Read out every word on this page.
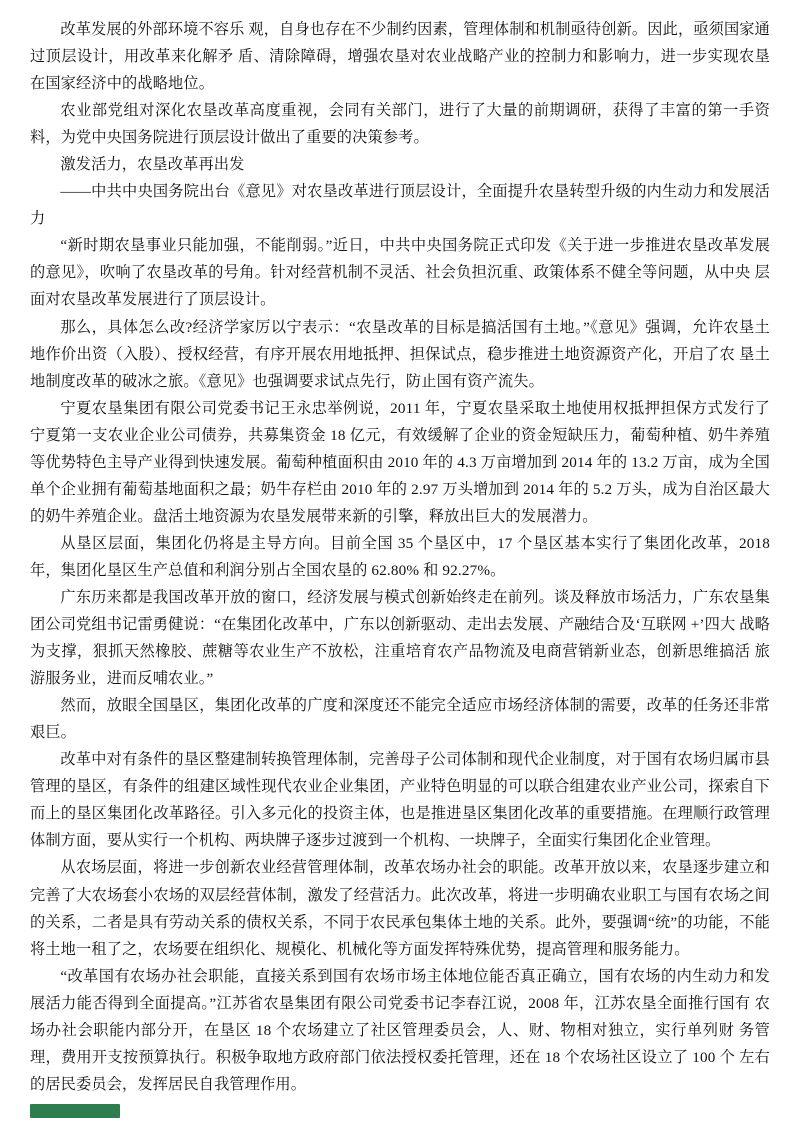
改革发展的外部环境不容乐 观，自身也存在不少制约因素，管理体制和机制亟待创新。因此，亟须国家通过顶层设计，用改革来化解矛 盾、清除障碍，增强农垦对农业战略产业的控制力和影响力，进一步实现农垦在国家经济中的战略地位。

农业部党组对深化农垦改革高度重视，会同有关部门，进行了大量的前期调研，获得了丰富的第一手资料，为党中央国务院进行顶层设计做出了重要的决策参考。

激发活力，农垦改革再出发

——中共中央国务院出台《意见》对农垦改革进行顶层设计，全面提升农垦转型升级的内生动力和发展活 力

“新时期农垦事业只能加强，不能削弱。”近日，中共中央国务院正式印发《关于进一步推进农垦改革发展 的意见》，吹响了农垦改革的号角。针对经营机制不灵活、社会负担沉重、政策体系不健全等问题，从中央 层面对农垦改革发展进行了顶层设计。

那么，具体怎么改?经济学家厉以宁表示：“农垦改革的目标是搞活国有土地。”《意见》强调，允许农垦土地作价出资（入股）、授权经营，有序开展农用地抵押、担保试点，稳步推进土地资源资产化，开启了农 垦土地制度改革的破冰之旅。《意见》也强调要求试点先行，防止国有资产流失。

宁夏农垦集团有限公司党委书记王永忠举例说，2011 年，宁夏农垦采取土地使用权抵押担保方式发行了 宁夏第一支农业企业公司债券，共募集资金 18 亿元，有效缓解了企业的资金短缺压力，葡萄种植、奶牛养殖 等优势特色主导产业得到快速发展。葡萄种植面积由 2010 年的 4.3 万亩增加到 2014 年的 13.2 万亩，成为全国 单个企业拥有葡萄基地面积之最；奶牛存栏由 2010 年的 2.97 万头增加到 2014 年的 5.2 万头，成为自治区最大 的奶牛养殖企业。盘活土地资源为农垦发展带来新的引擎，释放出巨大的发展潜力。

从垦区层面，集团化仍将是主导方向。目前全国 35 个垦区中，17 个垦区基本实行了集团化改革，2018年，集团化垦区生产总值和利润分别占全国农垦的 62.80% 和 92.27%。

广东历来都是我国改革开放的窗口，经济发展与模式创新始终走在前列。谈及释放市场活力，广东农垦集 团公司党组书记雷勇健说：“在集团化改革中，广东以创新驱动、走出去发展、产融结合及‘互联网 +’四大 战略为支撑，狠抓天然橡胶、蔗糖等农业生产不放松，注重培育农产品物流及电商营销新业态，创新思维搞活 旅游服务业，进而反哺农业。”

然而，放眼全国垦区，集团化改革的广度和深度还不能完全适应市场经济体制的需要，改革的任务还非常 艰巨。

改革中对有条件的垦区整建制转换管理体制，完善母子公司体制和现代企业制度，对于国有农场归属市县 管理的垦区，有条件的组建区域性现代农业企业集团，产业特色明显的可以联合组建农业产业公司，探索自下 而上的垦区集团化改革路径。引入多元化的投资主体，也是推进垦区集团化改革的重要措施。在理顺行政管理 体制方面，要从实行一个机构、两块牌子逐步过渡到一个机构、一块牌子，全面实行集团化企业管理。

从农场层面，将进一步创新农业经营管理体制，改革农场办社会的职能。改革开放以来，农垦逐步建立和 完善了大农场套小农场的双层经营体制，激发了经营活力。此次改革，将进一步明确农业职工与国有农场之间 的关系，二者是具有劳动关系的债权关系，不同于农民承包集体土地的关系。此外，要强调“统”的功能，不能将土地一租了之，农场要在组织化、规模化、机械化等方面发挥特殊优势，提高管理和服务能力。

“改革国有农场办社会职能，直接关系到国有农场市场主体地位能否真正确立，国有农场的内生动力和发 展活力能否得到全面提高。”江苏省农垦集团有限公司党委书记李春江说，2008 年，江苏农垦全面推行国有 农场办社会职能内部分开，在垦区 18 个农场建立了社区管理委员会，人、财、物相对独立，实行单列财 务管理，费用开支按预算执行。积极争取地方政府部门依法授权委托管理，还在 18 个农场社区设立了 100 个 左右的居民委员会，发挥居民自我管理作用。
